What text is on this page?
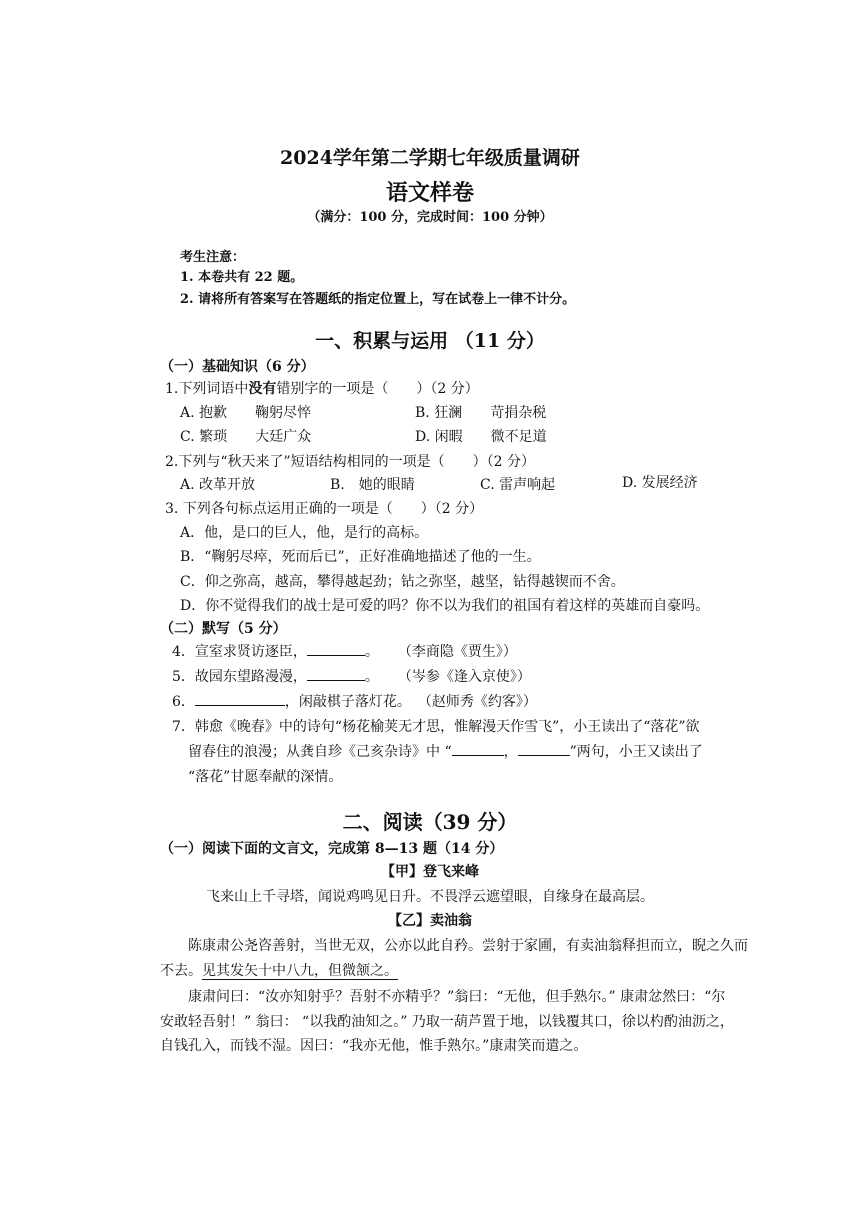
2024学年第二学期七年级质量调研
语文样卷
（满分：100 分，完成时间：100 分钟）
考生注意：
1. 本卷共有 22 题。
2. 请将所有答案写在答题纸的指定位置上，写在试卷上一律不计分。
一、积累与运用 （11 分）
（一）基础知识（6 分）
1.下列词语中没有错别字的一项是（　　）（2 分）
A. 抱歉　　鞠躬尽悴	B. 狂澜　　苛捐杂税
C. 繁琐　　大廷广众	D. 闲暇　　微不足道
2.下列与“秋天来了”短语结构相同的一项是（　　）（2 分）
A. 改革开放	B.　她的眼睛	C. 雷声响起	D. 发展经济
3. 下列各句标点运用正确的一项是（　　）（2 分）
A．他，是口的巨人，他，是行的高标。
B．“鞠躬尽瘁，死而后已”，正好准确地描述了他的一生。
C．仰之弥高，越高，攀得越起劲；钻之弥坚，越坚，钻得越锲而不舍。
D．你不觉得我们的战士是可爱的吗？你不以为我们的祖国有着这样的英雄而自豪吗。
（二）默写（5 分）
4．宣室求贤访逐臣，	。 （李商隐《贾生》）
5．故园东望路漫漫，	。 （岑参《逢入京使》）
6．	，闲敲棋子落灯花。 （赵师秀《约客》）
7．韩愈《晚春》中的诗句“杨花榆荚无才思，惟解漫天作雪飞”，小王读出了“落花”欲
留春住的浪漫；从龚自珍《己亥杂诗》中 “	，	”两句，小王又读出了
“落花”甘愿奉献的深情。
二、阅读（39 分）
（一）阅读下面的文言文，完成第 8—13 题（14 分）
【甲】登飞来峰
飞来山上千寻塔，闻说鸡鸣见日升。不畏浮云遮望眼，自缘身在最高层。
【乙】卖油翁
陈康肃公尧咨善射，当世无双，公亦以此自矜。尝射于家圃，有卖油翁释担而立，睨之久而
不去。见其发矢十中八九，但微颔之。
康肃问曰：“汝亦知射乎？吾射不亦精乎？”翁曰：“无他，但手熟尔。” 康肃忿然曰：“尔
安敢轻吾射！” 翁曰： “以我酌油知之。” 乃取一葫芦置于地，以钱覆其口，徐以杓酌油沥之，
自钱孔入，而钱不湿。因曰：“我亦无他，惟手熟尔。”康肃笑而遣之。
